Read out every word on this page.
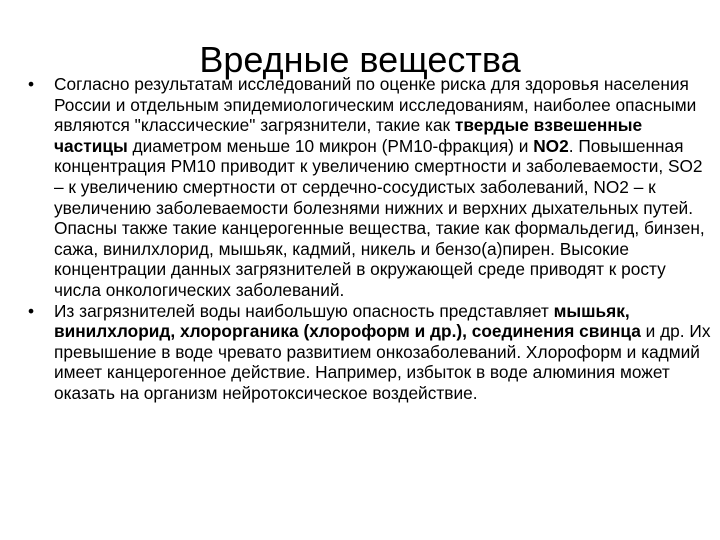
Вредные вещества
•	Согласно результатам исследований по оценке риска для здоровья населения России и отдельным эпидемиологическим исследованиям, наиболее опасными являются "классические" загрязнители, такие как твердые взвешенные частицы диаметром меньше 10 микрон (PM10-фракция) и NO2. Повышенная концентрация PM10 приводит к увеличению смертности и заболеваемости, SO2 – к увеличению смертности от сердечно-сосудистых заболеваний, NO2 – к увеличению заболеваемости болезнями нижних и верхних дыхательных путей. Опасны также такие канцерогенные вещества, такие как формальдегид, бинзен, сажа, винилхлорид, мышьяк, кадмий, никель и бензо(а)пирен. Высокие концентрации данных загрязнителей в окружающей среде приводят к росту числа онкологических заболеваний.
•	Из загрязнителей воды наибольшую опасность представляет мышьяк, винилхлорид, хлорорганика (хлороформ и др.), соединения свинца и др. Их превышение в воде чревато развитием онкозаболеваний. Хлороформ и кадмий имеет канцерогенное действие. Например, избыток в воде алюминия может оказать на организм нейротоксическое воздействие.
